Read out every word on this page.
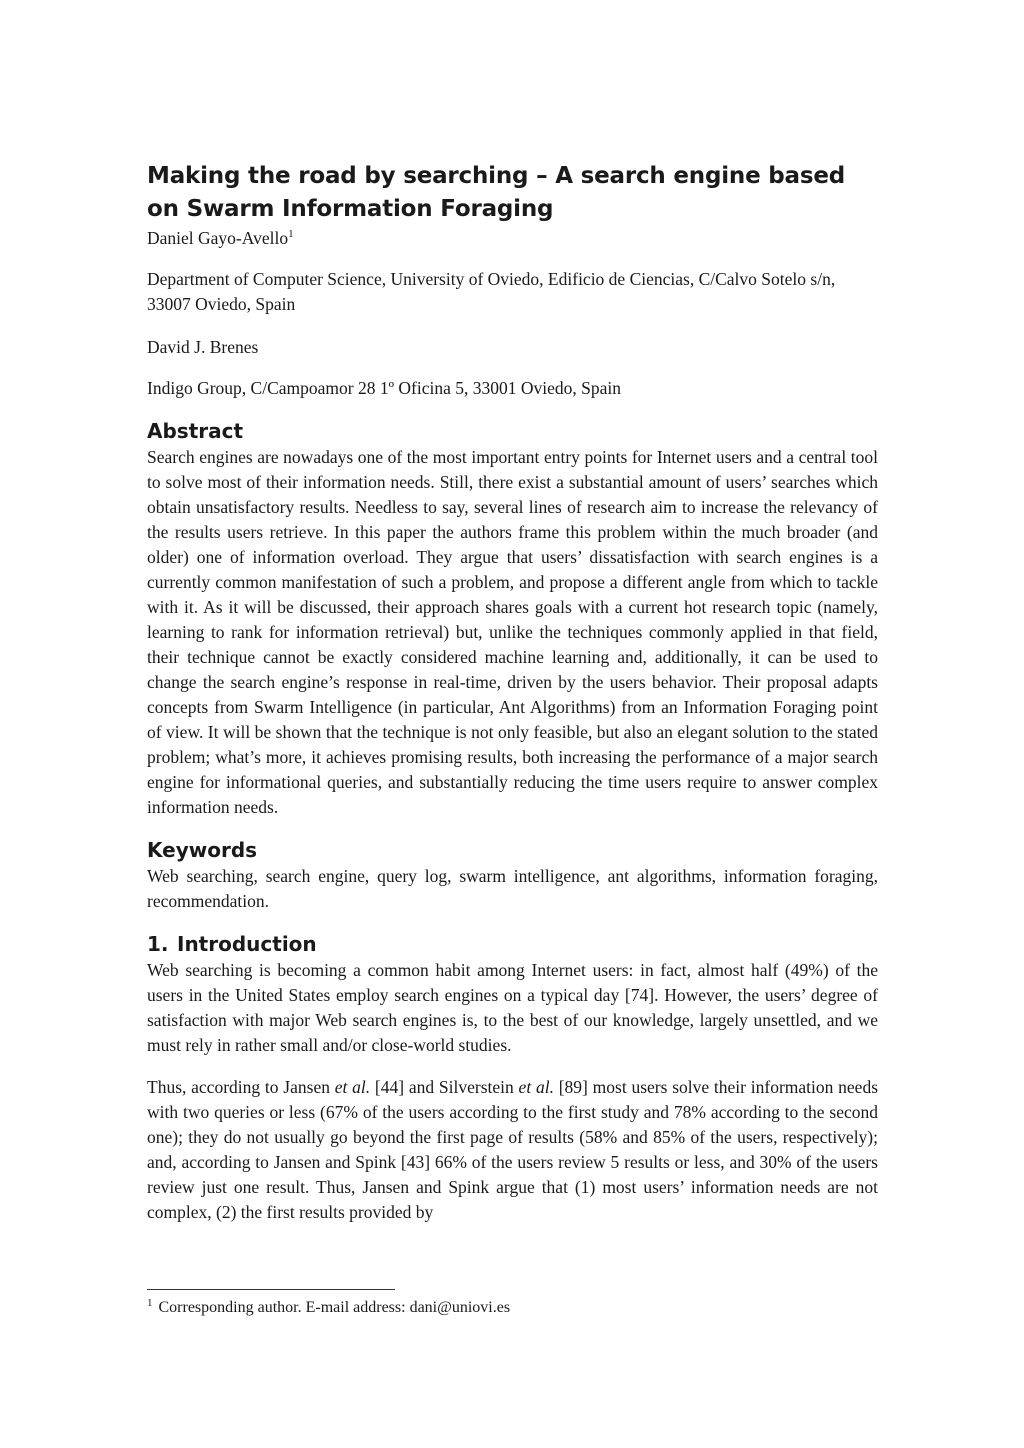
Making the road by searching – A search engine based on Swarm Information Foraging

Daniel Gayo-Avello$^1$

Department of Computer Science, University of Oviedo, Edificio de Ciencias, C/Calvo Sotelo s/n, 33007 Oviedo, Spain

David J. Brenes

Indigo Group, C/Campoamor 28 1º Oficina 5, 33001 Oviedo, Spain

Abstract

Search engines are nowadays one of the most important entry points for Internet users and a central tool to solve most of their information needs. Still, there exist a substantial amount of users’ searches which obtain unsatisfactory results. Needless to say, several lines of research aim to increase the relevancy of the results users retrieve. In this paper the authors frame this problem within the much broader (and older) one of information overload. They argue that users’ dissatisfaction with search engines is a currently common manifestation of such a problem, and propose a different angle from which to tackle with it. As it will be discussed, their approach shares goals with a current hot research topic (namely, learning to rank for information retrieval) but, unlike the techniques commonly applied in that field, their technique cannot be exactly considered machine learning and, additionally, it can be used to change the search engine’s response in real-time, driven by the users behavior. Their proposal adapts concepts from Swarm Intelligence (in particular, Ant Algorithms) from an Information Foraging point of view. It will be shown that the technique is not only feasible, but also an elegant solution to the stated problem; what’s more, it achieves promising results, both increasing the performance of a major search engine for informational queries, and substantially reducing the time users require to answer complex information needs.

Keywords

Web searching, search engine, query log, swarm intelligence, ant algorithms, information foraging, recommendation.

1. Introduction

Web searching is becoming a common habit among Internet users: in fact, almost half (49%) of the users in the United States employ search engines on a typical day [74]. However, the users’ degree of satisfaction with major Web search engines is, to the best of our knowledge, largely unsettled, and we must rely in rather small and/or close-world studies.

Thus, according to Jansen et al. [44] and Silverstein et al. [89] most users solve their information needs with two queries or less (67% of the users according to the first study and 78% according to the second one); they do not usually go beyond the first page of results (58% and 85% of the users, respectively); and, according to Jansen and Spink [43] 66% of the users review 5 results or less, and 30% of the users review just one result. Thus, Jansen and Spink argue that (1) most users’ information needs are not complex, (2) the first results provided by

$^1$ Corresponding author. E-mail address: dani@uniovi.es
